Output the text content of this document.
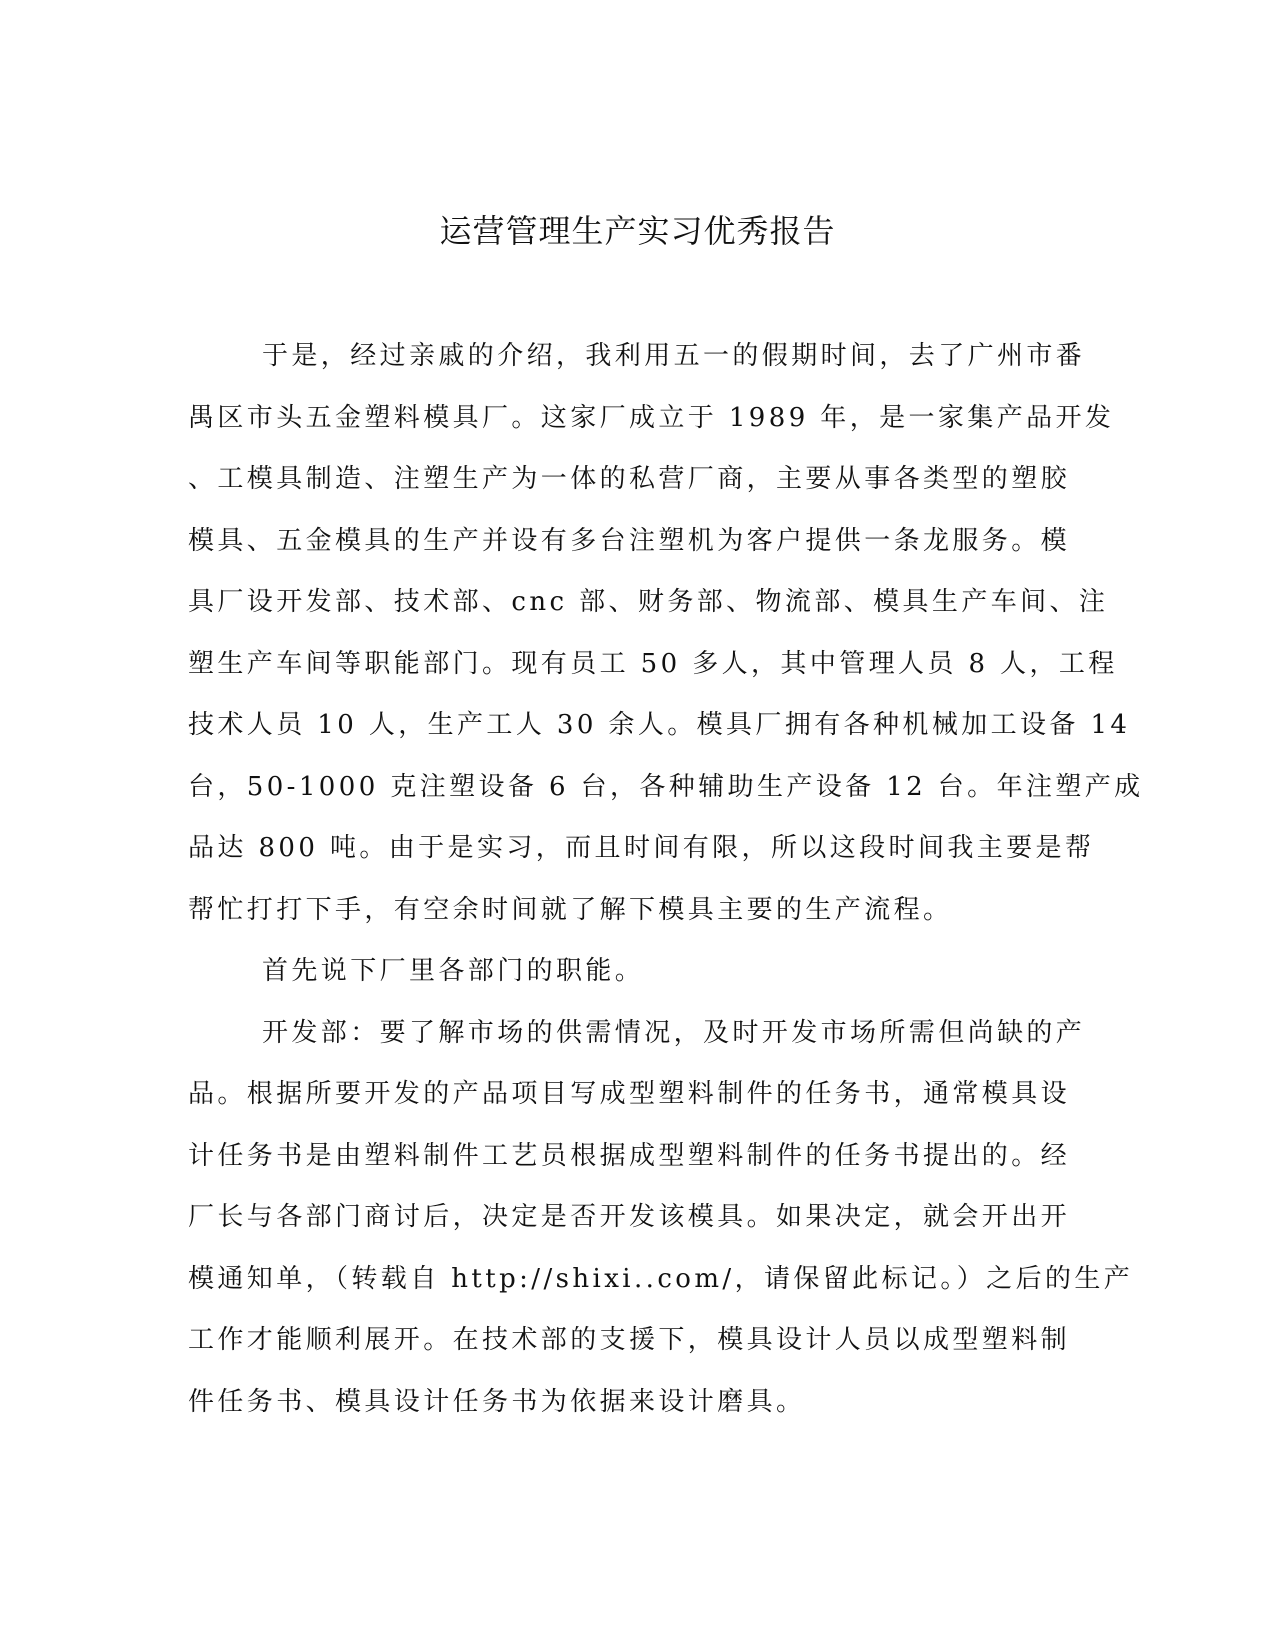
运营管理生产实习优秀报告
于是，经过亲戚的介绍，我利用五一的假期时间，去了广州市番
禺区市头五金塑料模具厂。这家厂成立于 1989 年，是一家集产品开发
、工模具制造、注塑生产为一体的私营厂商，主要从事各类型的塑胶
模具、五金模具的生产并设有多台注塑机为客户提供一条龙服务。模
具厂设开发部、技术部、cnc 部、财务部、物流部、模具生产车间、注
塑生产车间等职能部门。现有员工 50 多人，其中管理人员 8 人，工程
技术人员 10 人，生产工人 30 余人。模具厂拥有各种机械加工设备 14
台，50-1000 克注塑设备 6 台，各种辅助生产设备 12 台。年注塑产成
品达 800 吨。由于是实习，而且时间有限，所以这段时间我主要是帮
帮忙打打下手，有空余时间就了解下模具主要的生产流程。
首先说下厂里各部门的职能。
开发部：要了解市场的供需情况，及时开发市场所需但尚缺的产
品。根据所要开发的产品项目写成型塑料制件的任务书，通常模具设
计任务书是由塑料制件工艺员根据成型塑料制件的任务书提出的。经
厂长与各部门商讨后，决定是否开发该模具。如果决定，就会开出开
模通知单，（转载自 http://shixi..com/，请保留此标记。）之后的生产
工作才能顺利展开。在技术部的支援下，模具设计人员以成型塑料制
件任务书、模具设计任务书为依据来设计磨具。
